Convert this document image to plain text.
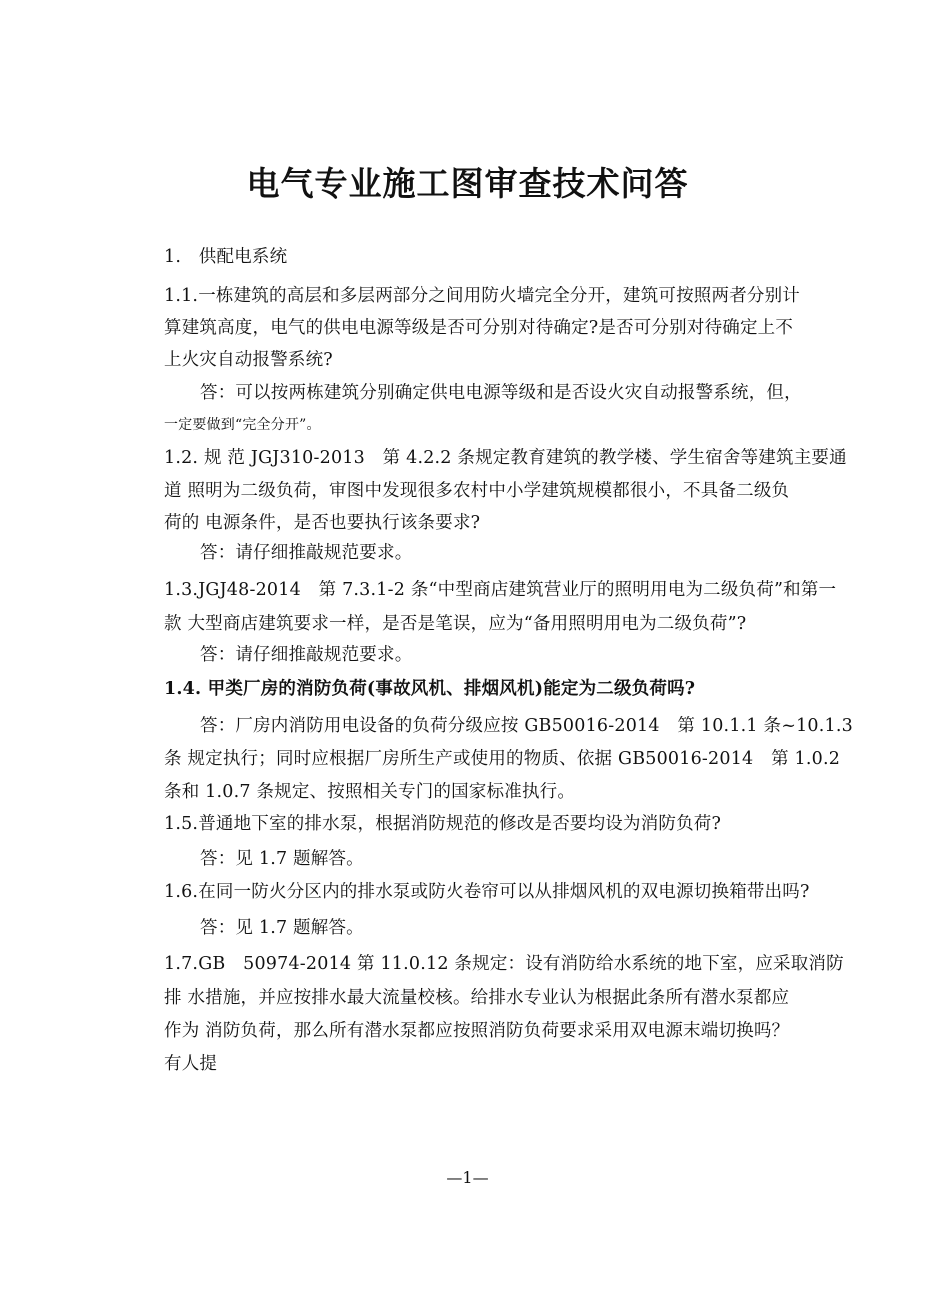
电气专业施工图审查技术问答
1.　供配电系统
1.1.一栋建筑的高层和多层两部分之间用防火墙完全分开，建筑可按照两者分别计
算建筑高度，电气的供电电源等级是否可分别对待确定?是否可分别对待确定上不
上火灾自动报警系统?
答：可以按两栋建筑分别确定供电电源等级和是否设火灾自动报警系统，但，
一定要做到“完全分开”。
1.2. 规 范 JGJ310-2013　第 4.2.2 条规定教育建筑的教学楼、学生宿舍等建筑主要通
道 照明为二级负荷，审图中发现很多农村中小学建筑规模都很小，不具备二级负
荷的 电源条件，是否也要执行该条要求?
答：请仔细推敲规范要求。
1.3.JGJ48-2014　第 7.3.1-2 条“中型商店建筑营业厅的照明用电为二级负荷”和第一
款 大型商店建筑要求一样，是否是笔误，应为“备用照明用电为二级负荷”?
答：请仔细推敲规范要求。
1.4. 甲类厂房的消防负荷(事故风机、排烟风机)能定为二级负荷吗?
答：厂房内消防用电设备的负荷分级应按 GB50016-2014　第 10.1.1 条~10.1.3
条 规定执行；同时应根据厂房所生产或使用的物质、依据 GB50016-2014　第 1.0.2
条和 1.0.7 条规定、按照相关专门的国家标准执行。
1.5.普通地下室的排水泵，根据消防规范的修改是否要均设为消防负荷?
答：见 1.7 题解答。
1.6.在同一防火分区内的排水泵或防火卷帘可以从排烟风机的双电源切换箱带出吗?
答：见 1.7 题解答。
1.7.GB　50974-2014 第 11.0.12 条规定：设有消防给水系统的地下室，应采取消防
排 水措施，并应按排水最大流量校核。给排水专业认为根据此条所有潜水泵都应
作为 消防负荷，那么所有潜水泵都应按照消防负荷要求采用双电源末端切换吗？
有人提
—1—
